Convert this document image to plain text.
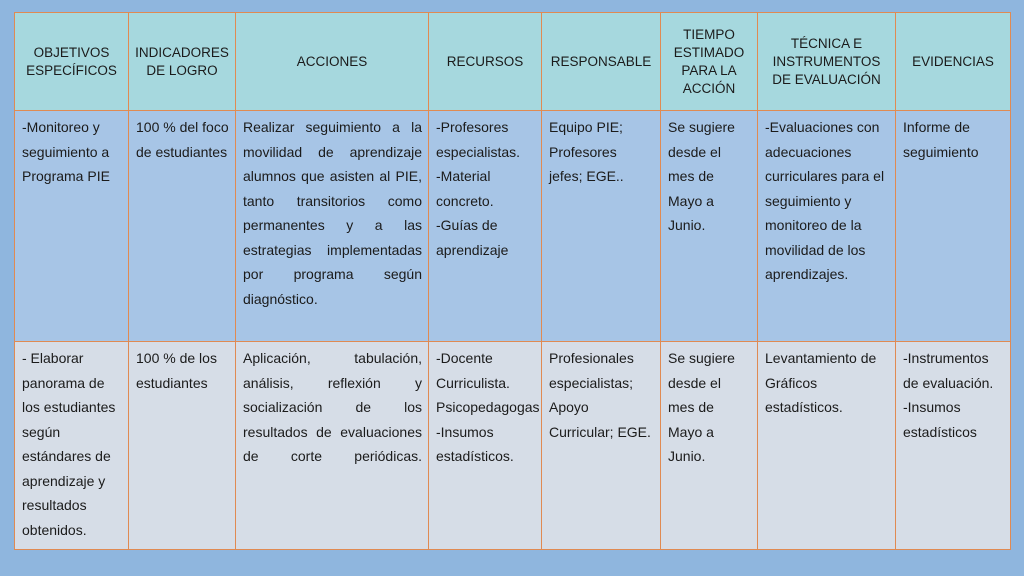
OBJETIVOS ESPECÍFICOS	INDICADORES DE LOGRO	ACCIONES	RECURSOS	RESPONSABLE	TIEMPO ESTIMADO PARA LA ACCIÓN	TÉCNICA E INSTRUMENTOS DE EVALUACIÓN	EVIDENCIAS
-Monitoreo y seguimiento a Programa PIE	100 % del foco de estudiantes	Realizar seguimiento a la movilidad de aprendizaje alumnos que asisten al PIE, tanto transitorios como permanentes y a las estrategias implementadas por programa según diagnóstico.	-Profesores especialistas.
-Material concreto.
-Guías de aprendizaje	Equipo PIE; Profesores jefes; EGE..	Se sugiere desde el mes de Mayo a Junio.	-Evaluaciones con adecuaciones curriculares para el seguimiento y monitoreo de la movilidad de los aprendizajes.	Informe de seguimiento
- Elaborar panorama de los estudiantes según estándares de aprendizaje y resultados obtenidos.	100 % de los estudiantes	Aplicación, tabulación, análisis, reflexión y socialización de los resultados de evaluaciones de corte periódicas.	-Docente Curriculista.
Psicopedagogas
-Insumos estadísticos.	Profesionales especialistas; Apoyo Curricular; EGE.	Se sugiere desde el mes de Mayo a Junio.	Levantamiento de Gráficos estadísticos.	-Instrumentos de evaluación.
-Insumos estadísticos
